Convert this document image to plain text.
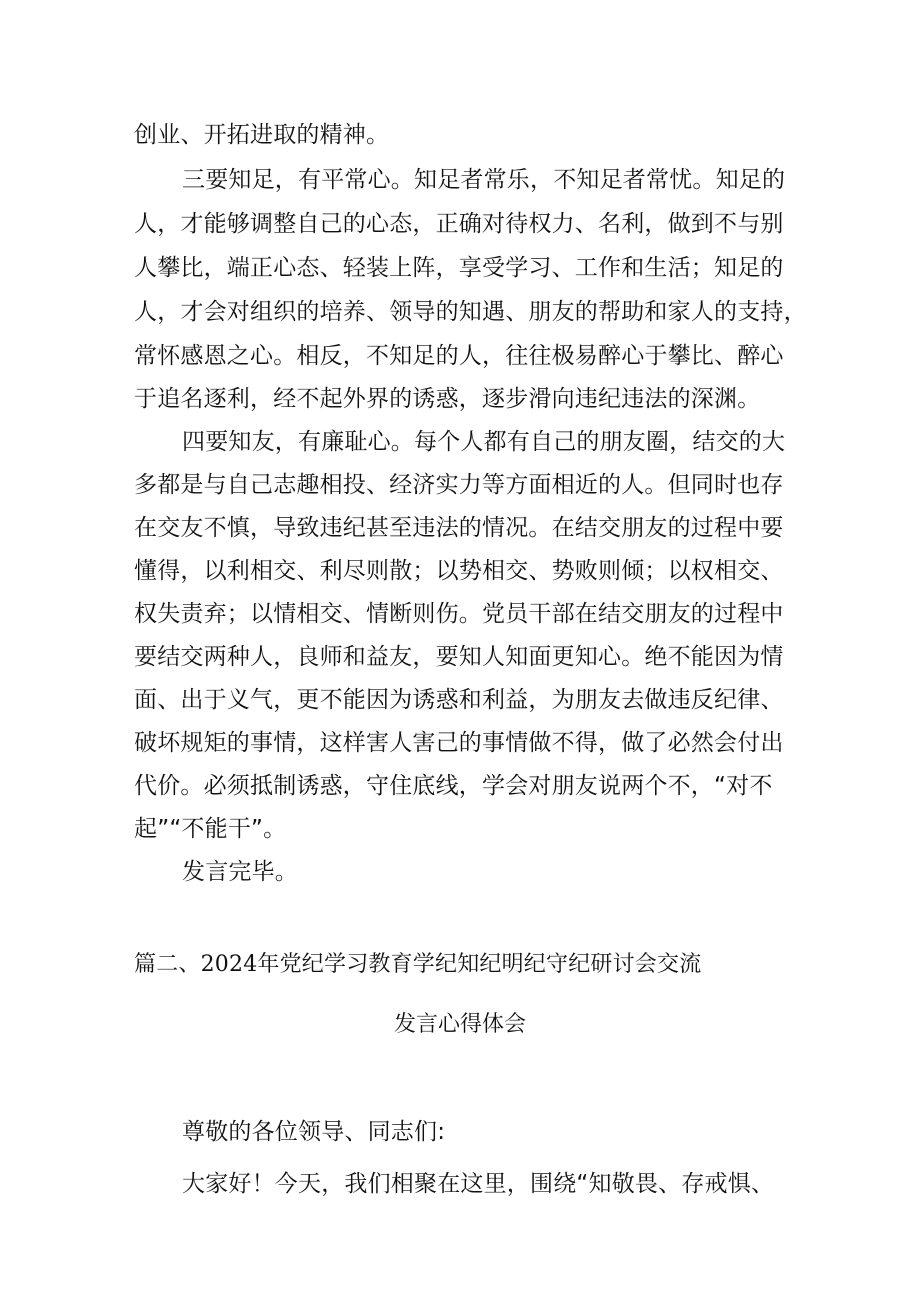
创业、开拓进取的精神。
三要知足，有平常心。知足者常乐，不知足者常忧。知足的
人，才能够调整自己的心态，正确对待权力、名利，做到不与别
人攀比，端正心态、轻装上阵，享受学习、工作和生活；知足的
人，才会对组织的培养、领导的知遇、朋友的帮助和家人的支持，
常怀感恩之心。相反，不知足的人，往往极易醉心于攀比、醉心
于追名逐利，经不起外界的诱惑，逐步滑向违纪违法的深渊。
四要知友，有廉耻心。每个人都有自己的朋友圈，结交的大
多都是与自己志趣相投、经济实力等方面相近的人。但同时也存
在交友不慎，导致违纪甚至违法的情况。在结交朋友的过程中要
懂得，以利相交、利尽则散；以势相交、势败则倾；以权相交、
权失责弃；以情相交、情断则伤。党员干部在结交朋友的过程中
要结交两种人，良师和益友，要知人知面更知心。绝不能因为情
面、出于义气，更不能因为诱惑和利益，为朋友去做违反纪律、
破坏规矩的事情，这样害人害己的事情做不得，做了必然会付出
代价。必须抵制诱惑，守住底线，学会对朋友说两个不，“对不
起”“不能干”。
发言完毕。
篇二、2024年党纪学习教育学纪知纪明纪守纪研讨会交流
发言心得体会
尊敬的各位领导、同志们:
大家好！今天，我们相聚在这里，围绕“知敬畏、存戒惧、
